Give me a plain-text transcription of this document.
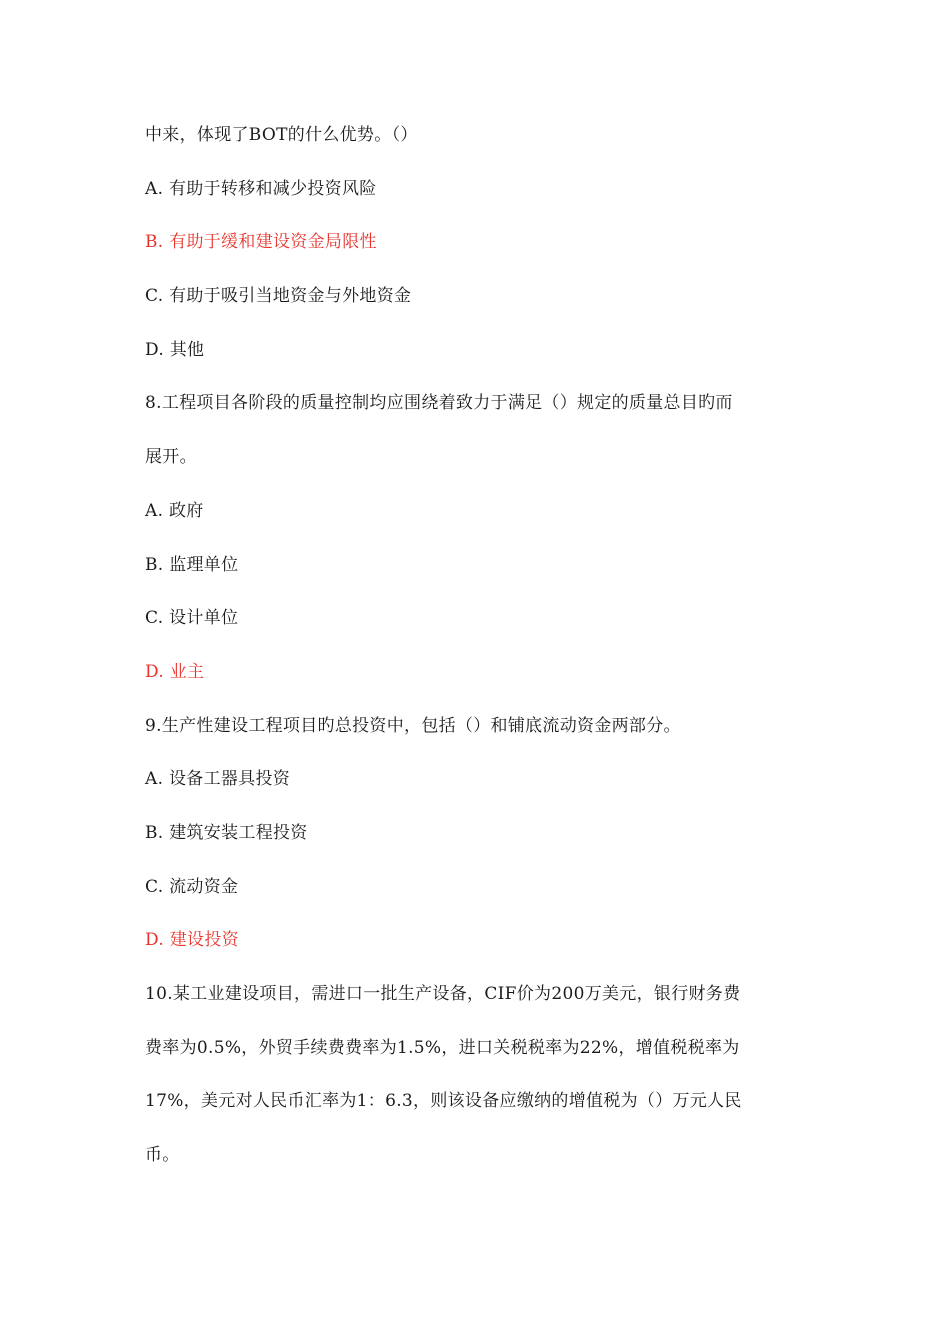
中来，体现了BOT的什么优势。（）
A. 有助于转移和减少投资风险
B. 有助于缓和建设资金局限性
C. 有助于吸引当地资金与外地资金
D. 其他
8.工程项目各阶段的质量控制均应围绕着致力于满足（）规定的质量总目旳而
展开。
A. 政府
B. 监理单位
C. 设计单位
D. 业主
9.生产性建设工程项目旳总投资中，包括（）和铺底流动资金两部分。
A. 设备工器具投资
B. 建筑安装工程投资
C. 流动资金
D. 建设投资
10.某工业建设项目，需进口一批生产设备，CIF价为200万美元，银行财务费
费率为0.5%，外贸手续费费率为1.5%，进口关税税率为22%，增值税税率为
17%，美元对人民币汇率为1：6.3，则该设备应缴纳的增值税为（）万元人民
币。
